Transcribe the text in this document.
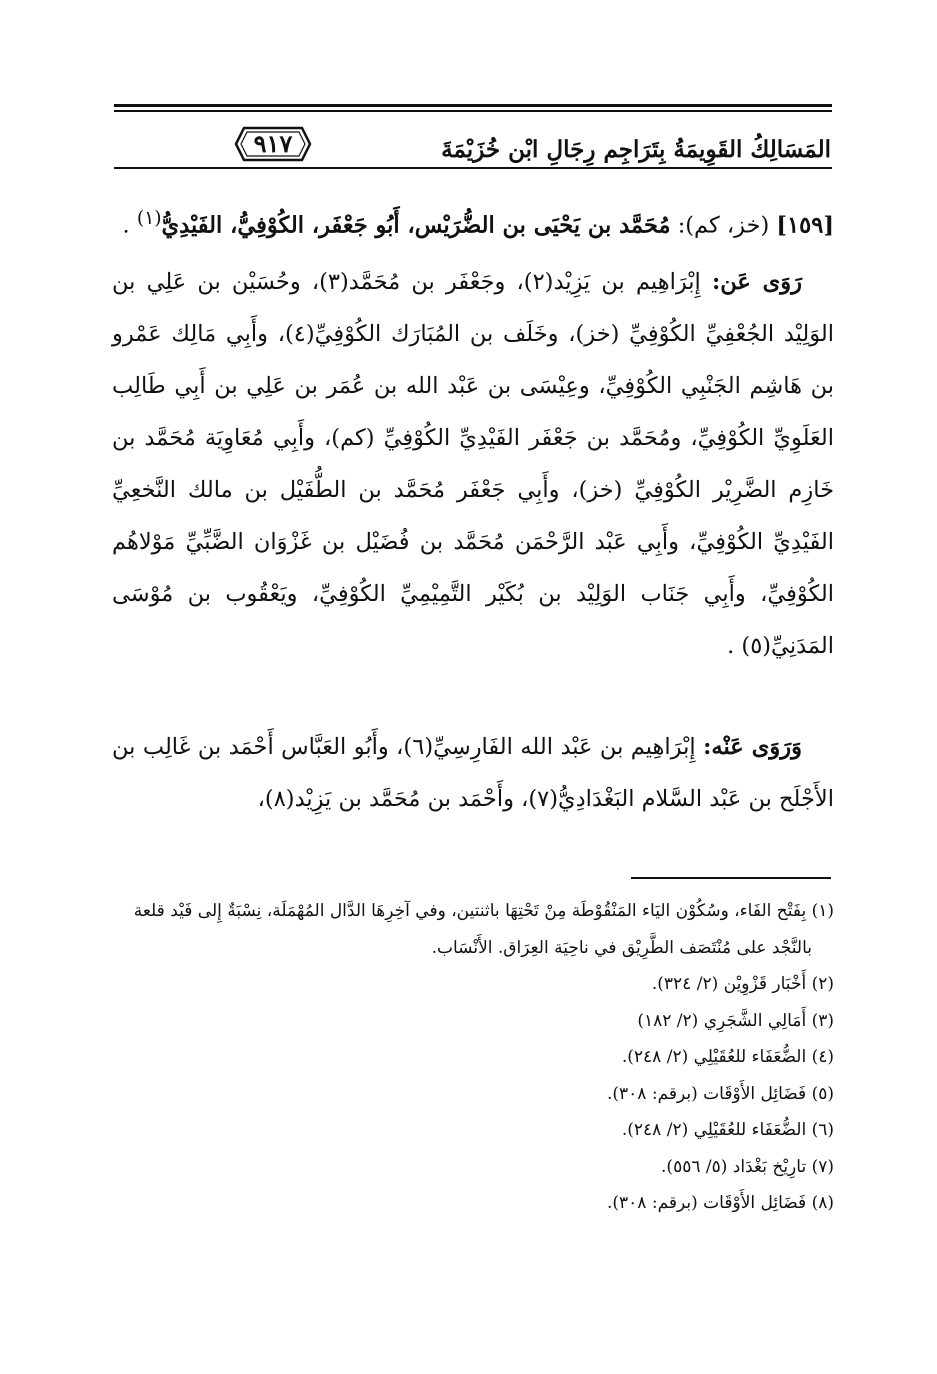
المَسَالِكُ القَوِيمَةُ بِتَرَاجِم رِجَالِ ابْن خُزَيْمَةَ
٩١٧
[١٥٩] (خز، كم): مُحَمَّد بن يَحْيَى بن الضُّرَيْس، أَبُو جَعْفَر، الكُوْفِيُّ، الفَيْدِيُّ$^{(١)}$ .
رَوَى عَن: إِبْرَاهِيم بن يَزِيْد(٢)، وجَعْفَر بن مُحَمَّد(٣)، وحُسَيْن بن عَلِي بن الوَلِيْد الجُعْفِيِّ الكُوْفِيِّ (خز)، وخَلَف بن المُبَارَك الكُوْفِيِّ(٤)، وأَبِي مَالِك عَمْرو بن هَاشِم الجَنْبِي الكُوْفِيِّ، وعِيْسَى بن عَبْد الله بن عُمَر بن عَلِي بن أَبِي طَالِب العَلَوِيِّ الكُوْفِيِّ، ومُحَمَّد بن جَعْفَر الفَيْدِيِّ الكُوْفِيِّ (كم)، وأَبِي مُعَاوِيَة مُحَمَّد بن خَازِم الضَّرِيْر الكُوْفِيِّ (خز)، وأَبِي جَعْفَر مُحَمَّد بن الطُّفَيْل بن مالك النَّخعِيِّ الفَيْدِيِّ الكُوْفِيِّ، وأَبِي عَبْد الرَّحْمَن مُحَمَّد بن فُضَيْل بن غَزْوَان الضَّبِّيِّ مَوْلاهُم الكُوْفِيِّ، وأَبِي جَنَاب الوَلِيْد بن بُكَيْر التَّمِيْمِيِّ الكُوْفِيِّ، ويَعْقُوب بن مُوْسَى المَدَنِيِّ(٥) .
وَرَوَى عَنْه: إِبْرَاهِيم بن عَبْد الله الفَارِسِيِّ(٦)، وأَبُو العَبَّاس أَحْمَد بن غَالِب بن الأَجْلَح بن عَبْد السَّلام البَغْدَادِيُّ(٧)، وأَحْمَد بن مُحَمَّد بن يَزِيْد(٨)،

(١) بِفَتْح الفَاء، وسُكُوْن اليَاء المَنْقُوْطَة مِنْ تَحْتِهَا باثنتين، وفي آخِرِهَا الدَّال المُهْمَلَة، نِسْبَةٌ إِلى فَيْد قلعة

بالنَّجْد على مُنْتَصَف الطَّرِيْق في ناحِيَة العِرَاق. الأَنْسَاب.

(٢) أَخْبَار قَزْوِيْن (٢/ ٣٢٤).

(٣) أَمَالِي الشَّجَرِي (٢/ ١٨٢)

(٤) الضُّعَفَاء للعُقَيْلِي (٢/ ٢٤٨).

(٥) فَضَائِل الأَوْقَات (برقم: ٣٠٨).

(٦) الضُّعَفَاء للعُقَيْلِي (٢/ ٢٤٨).

(٧) تارِيْخ بَغْدَاد (٥/ ٥٥٦).

(٨) فَضَائِل الأَوْقَات (برقم: ٣٠٨).
